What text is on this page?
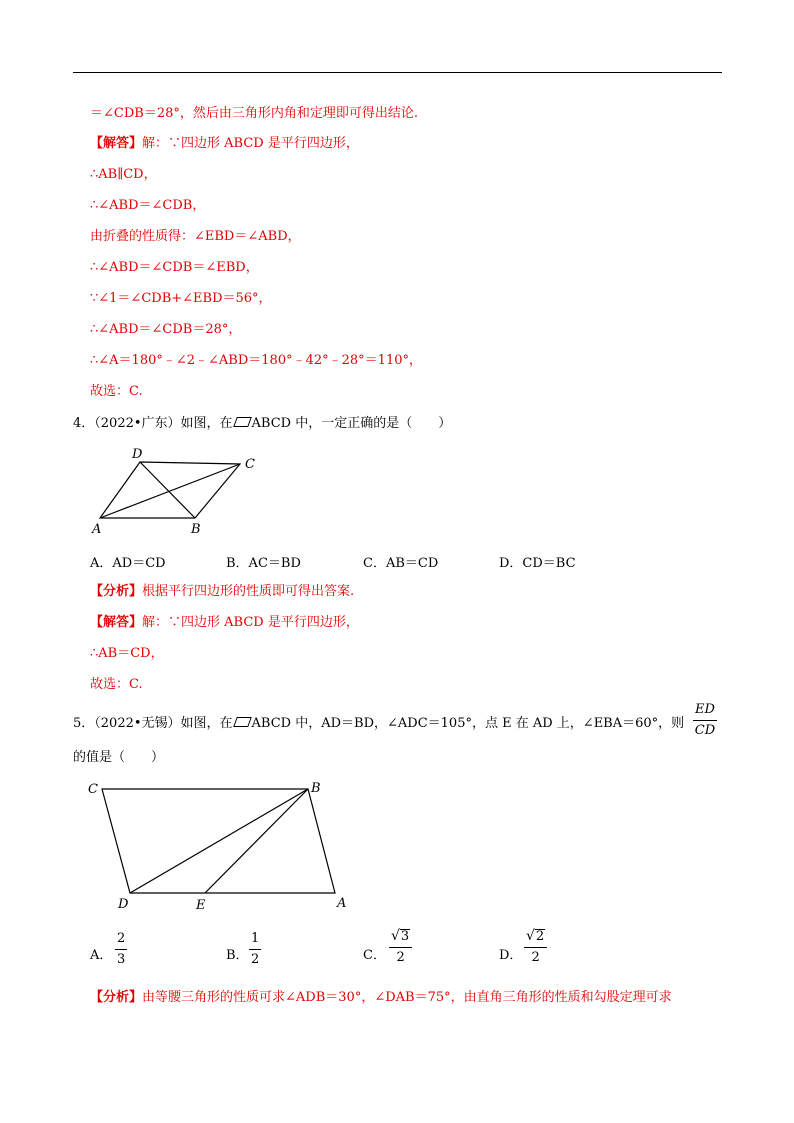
＝∠CDB＝28°，然后由三角形内角和定理即可得出结论.
【解答】解：∵四边形 ABCD 是平行四边形，
∴AB∥CD，
∴∠ABD＝∠CDB，
由折叠的性质得：∠EBD＝∠ABD，
∴∠ABD＝∠CDB＝∠EBD，
∵∠1＝∠CDB+∠EBD＝56°，
∴∠ABD＝∠CDB＝28°，
∴∠A＝180°﹣∠2﹣∠ABD＝180°﹣42°﹣28°＝110°，
故选：C.
4．（2022•广东）如图，在 ABCD 中，一定正确的是（　　）
A	B
C
D
A．AD＝CD	B．AC＝BD	C．AB＝CD	D．CD＝BC
【分析】根据平行四边形的性质即可得出答案.
【解答】解：∵四边形 ABCD 是平行四边形，
∴AB＝CD，
故选：C.
5．（2022•无锡）如图，在 ABCD 中，AD＝BD，∠ADC＝105°，点 E 在 AD 上，∠EBA＝60°，则 $\frac{ED}{CD}$
的值是（　　）
C	B
D	E	A
A． $\frac{2}{3}$	B． $\frac{1}{2}$	C． $\frac{√ 3}{2}$	D． $\frac{√ 2}{2}$
【分析】由等腰三角形的性质可求∠ADB＝30°，∠DAB＝75°，由直角三角形的性质和勾股定理可求
